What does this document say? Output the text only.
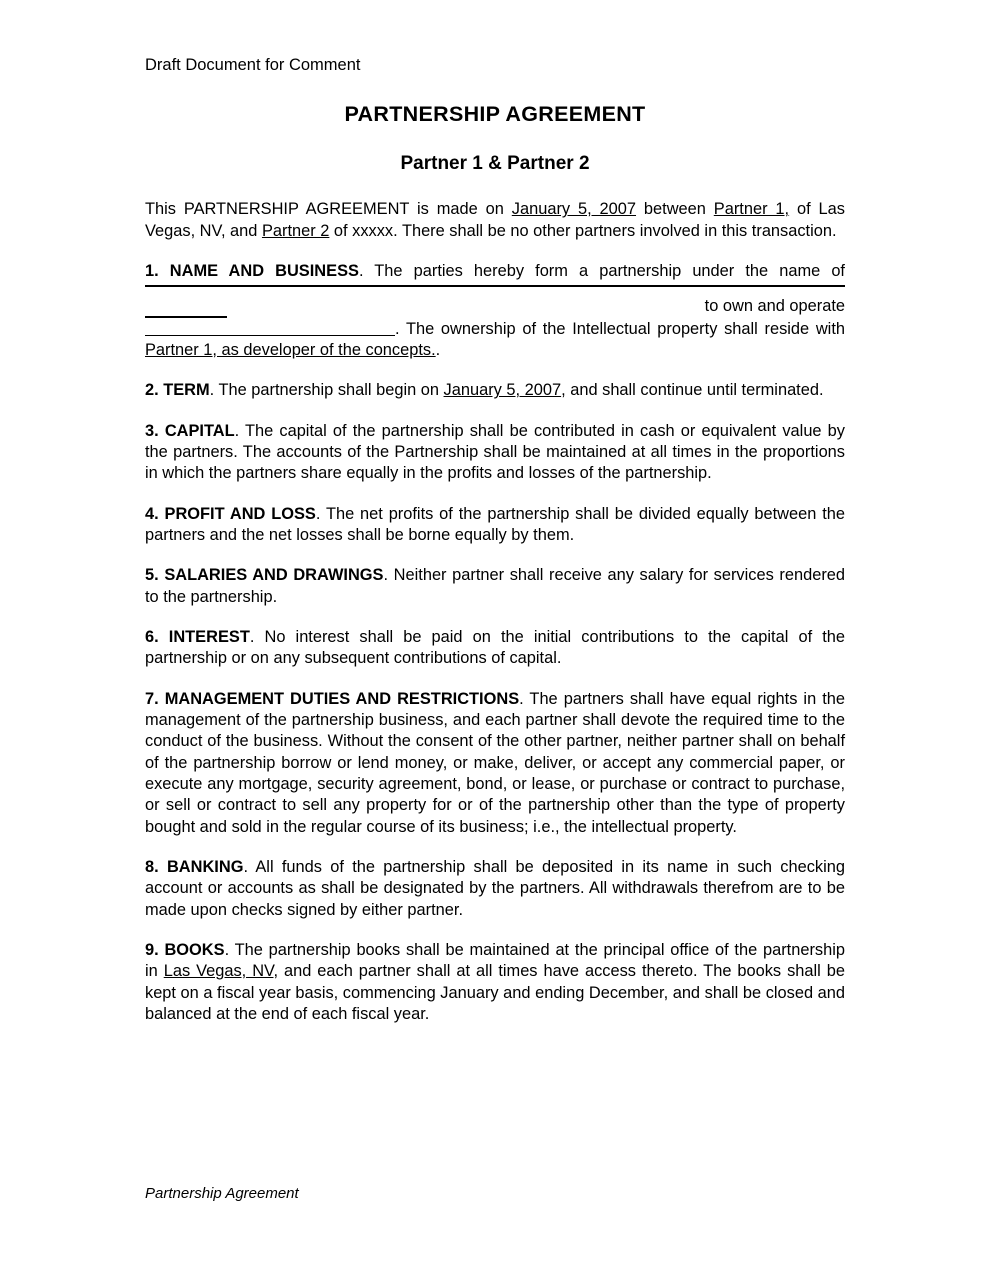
Draft Document for Comment
PARTNERSHIP AGREEMENT
Partner 1 & Partner 2

This PARTNERSHIP AGREEMENT is made on January 5, 2007 between Partner 1, of Las Vegas, NV, and Partner 2 of xxxxx. There shall be no other partners involved in this transaction.

1. NAME AND BUSINESS. The parties hereby form a partnership under the name of

to own and operate

. The ownership of the Intellectual property shall reside with Partner 1, as developer of the concepts..

2. TERM. The partnership shall begin on January 5, 2007, and shall continue until terminated.

3. CAPITAL. The capital of the partnership shall be contributed in cash or equivalent value by the partners. The accounts of the Partnership shall be maintained at all times in the proportions in which the partners share equally in the profits and losses of the partnership.

4. PROFIT AND LOSS. The net profits of the partnership shall be divided equally between the partners and the net losses shall be borne equally by them.

5. SALARIES AND DRAWINGS. Neither partner shall receive any salary for services rendered to the partnership.

6. INTEREST. No interest shall be paid on the initial contributions to the capital of the partnership or on any subsequent contributions of capital.

7. MANAGEMENT DUTIES AND RESTRICTIONS. The partners shall have equal rights in the management of the partnership business, and each partner shall devote the required time to the conduct of the business. Without the consent of the other partner, neither partner shall on behalf of the partnership borrow or lend money, or make, deliver, or accept any commercial paper, or execute any mortgage, security agreement, bond, or lease, or purchase or contract to purchase, or sell or contract to sell any property for or of the partnership other than the type of property bought and sold in the regular course of its business; i.e., the intellectual property.

8. BANKING. All funds of the partnership shall be deposited in its name in such checking account or accounts as shall be designated by the partners. All withdrawals therefrom are to be made upon checks signed by either partner.

9. BOOKS. The partnership books shall be maintained at the principal office of the partnership in Las Vegas, NV, and each partner shall at all times have access thereto. The books shall be kept on a fiscal year basis, commencing January and ending December, and shall be closed and balanced at the end of each fiscal year.

Partnership Agreement
